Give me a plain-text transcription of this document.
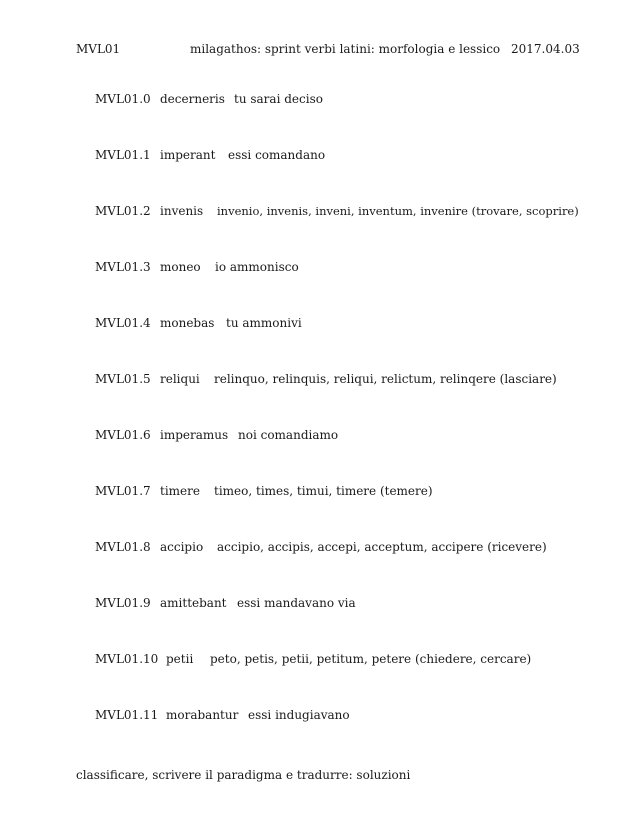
MVL01	milagathos: sprint verbi latini: morfologia e lessico 2017.04.03
MVL01.0 decerneris tu sarai deciso
MVL01.1 imperant essi comandano
MVL01.2 invenis invenio, invenis, inveni, inventum, invenire (trovare, scoprire)
MVL01.3 moneo io ammonisco
MVL01.4 monebas tu ammonivi
MVL01.5 reliqui relinquo, relinquis, reliqui, relictum, relinqere (lasciare)
MVL01.6 imperamus noi comandiamo
MVL01.7 timere timeo, times, timui, timere (temere)
MVL01.8 accipio accipio, accipis, accepi, acceptum, accipere (ricevere)
MVL01.9 amittebant essi mandavano via
MVL01.10 petii peto, petis, petii, petitum, petere (chiedere, cercare)
MVL01.11 morabantur essi indugiavano
classificare, scrivere il paradigma e tradurre: soluzioni
